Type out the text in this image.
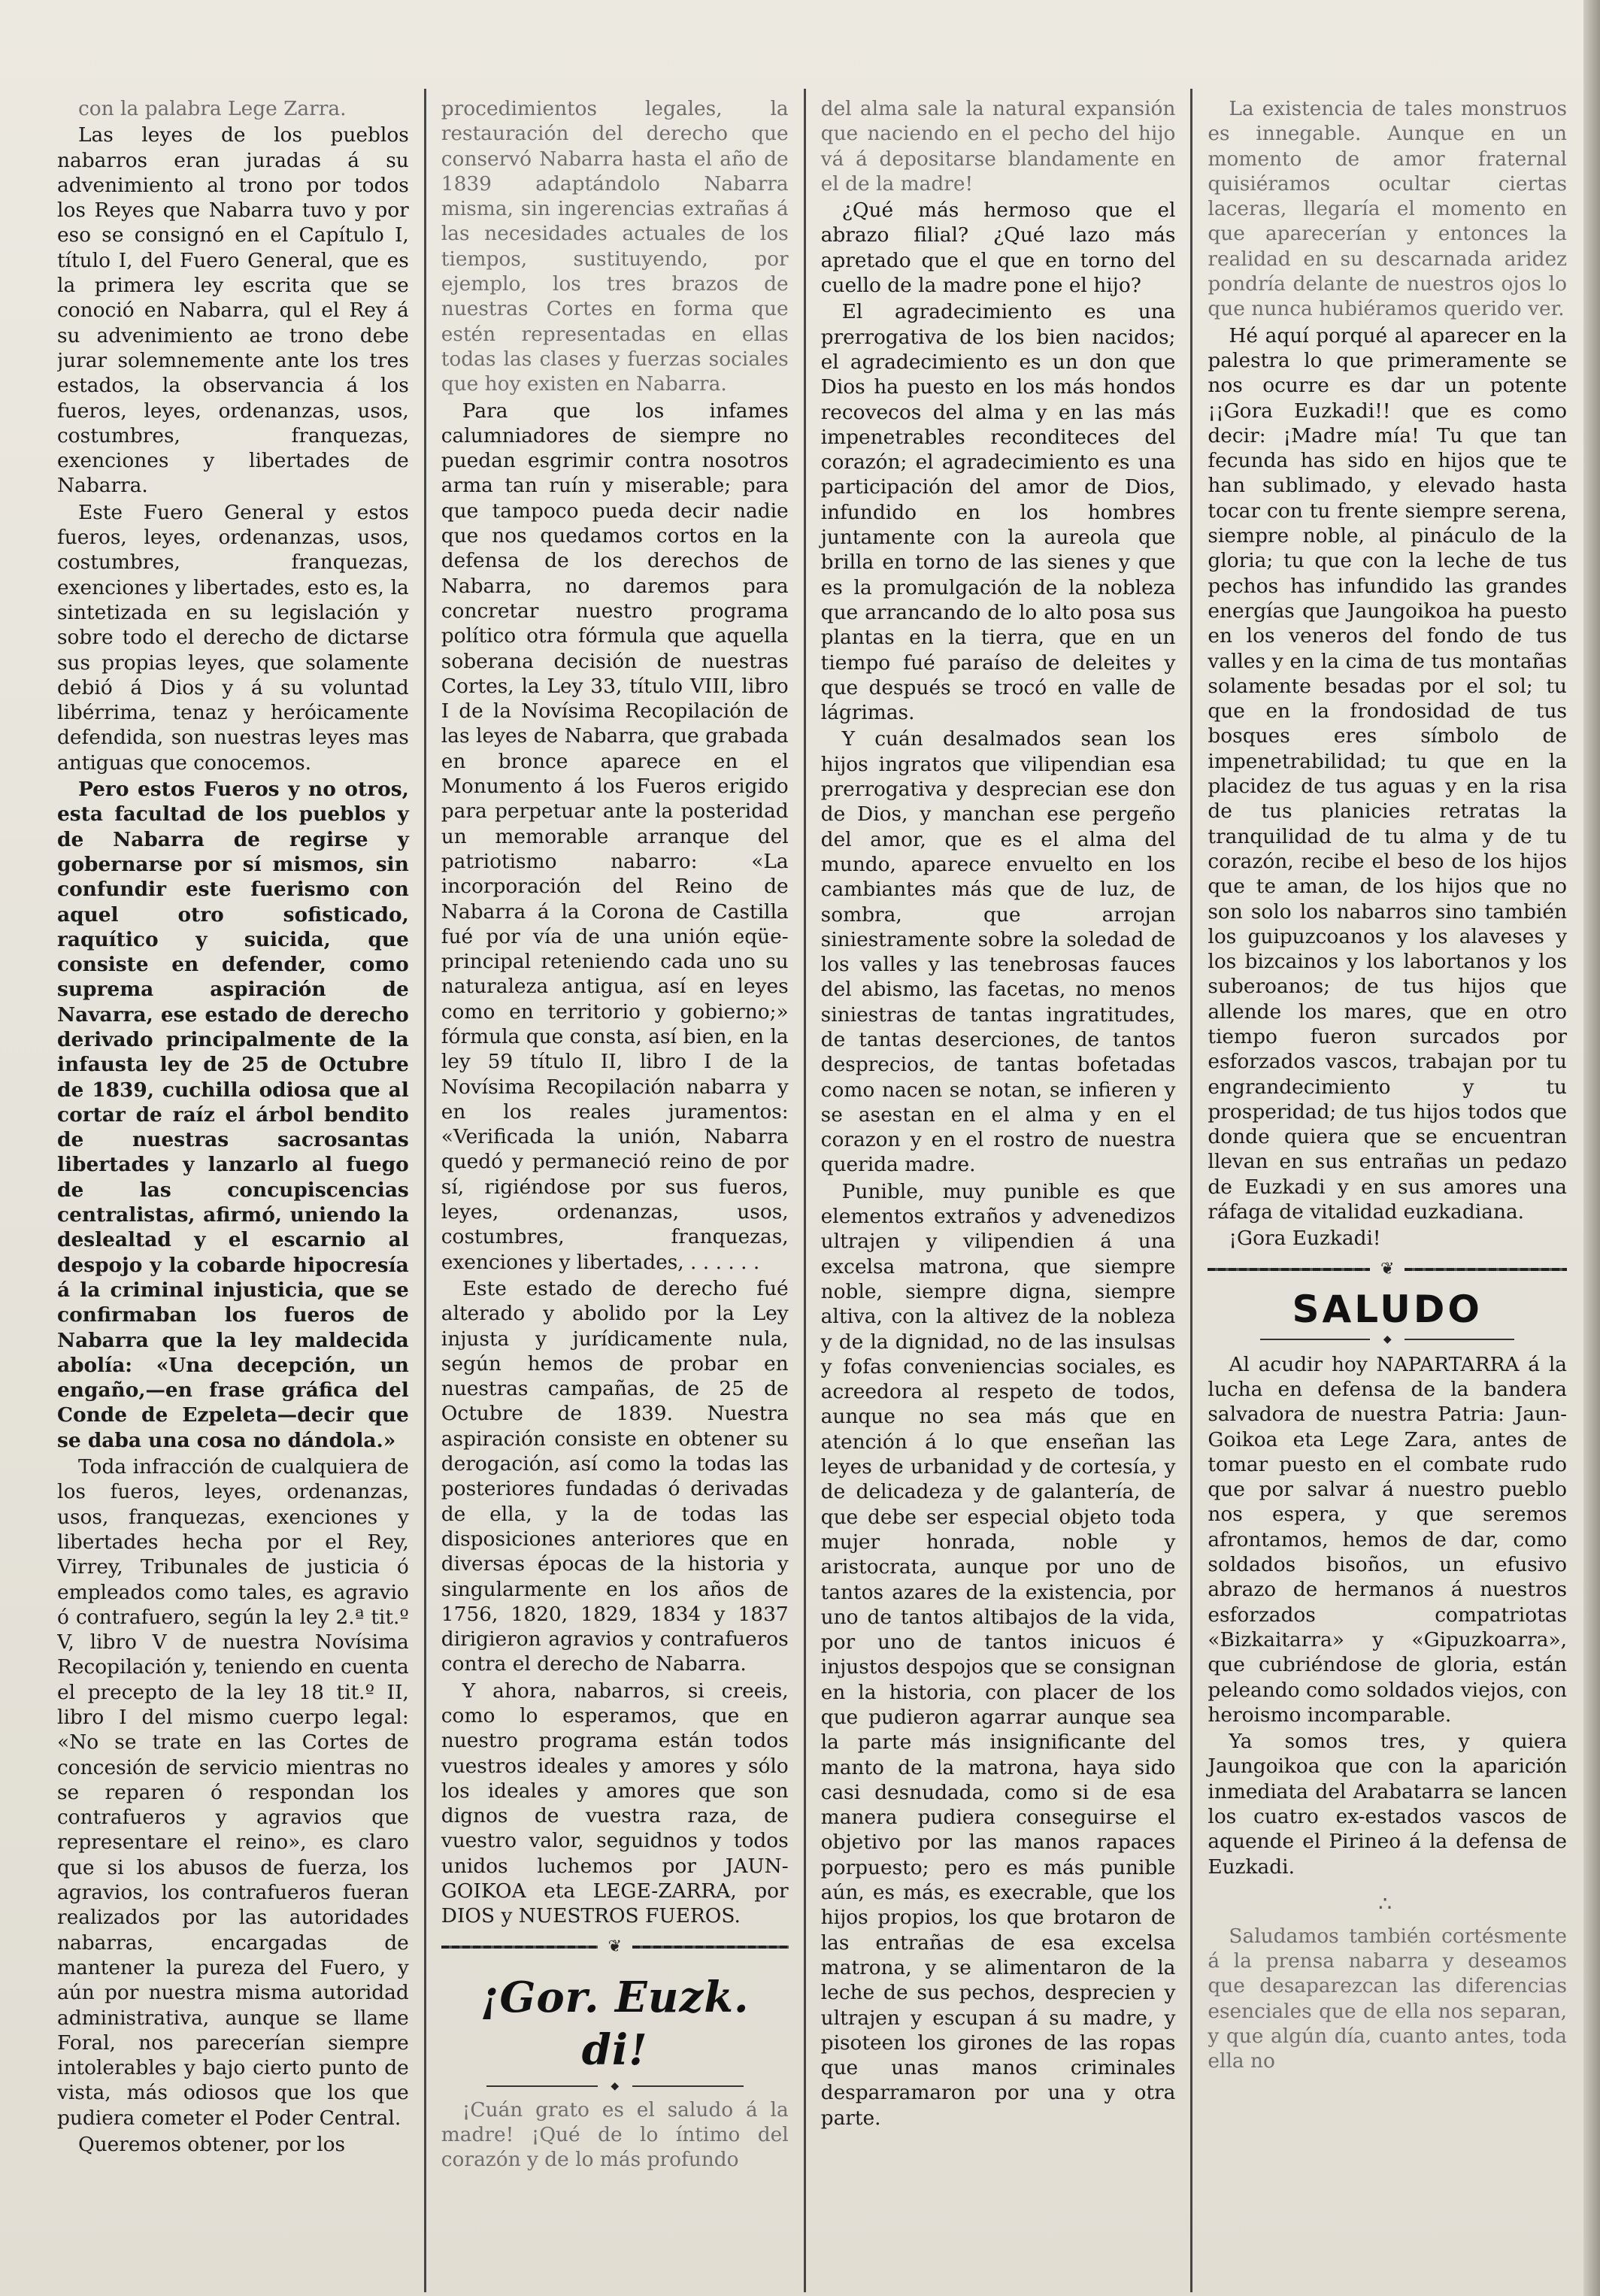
con la palabra Lege Zarra.

Las leyes de los pueblos nabarros eran juradas á su advenimiento al trono por todos los Reyes que Nabarra tuvo y por eso se consignó en el Capítulo I, título I, del Fuero General, que es la primera ley escrita que se conoció en Nabarra, qul el Rey á su advenimiento ae trono debe jurar solemnemente ante los tres estados, la observancia á los fueros, leyes, ordenanzas, usos, costumbres, franquezas, exenciones y libertades de Nabarra.

Este Fuero General y estos fueros, leyes, ordenanzas, usos, costumbres, franquezas, exenciones y libertades, esto es, la sintetizada en su legislación y sobre todo el derecho de dictarse sus propias leyes, que solamente debió á Dios y á su voluntad libérrima, tenaz y heróicamente defendida, son nuestras leyes mas antiguas que conocemos.

Pero estos Fueros y no otros, esta facultad de los pueblos y de Nabarra de regirse y gobernarse por sí mismos, sin confundir este fuerismo con aquel otro sofisticado, raquítico y suicida, que consiste en defender, como suprema aspiración de Navarra, ese estado de derecho derivado principalmente de la infausta ley de 25 de Octubre de 1839, cuchilla odiosa que al cortar de raíz el árbol bendito de nuestras sacrosantas libertades y lanzarlo al fuego de las concupiscencias centralistas, afirmó, uniendo la deslealtad y el escarnio al despojo y la cobarde hipocresía á la criminal injusticia, que se confirmaban los fueros de Nabarra que la ley maldecida abolía: «Una decepción, un engaño,—en frase gráfica del Conde de Ezpeleta—decir que se daba una cosa no dándola.»

Toda infracción de cualquiera de los fueros, leyes, ordenanzas, usos, franquezas, exenciones y libertades hecha por el Rey, Virrey, Tribunales de justicia ó empleados como tales, es agravio ó contrafuero, según la ley 2.ª tit.º V, libro V de nuestra Novísima Recopilación y, teniendo en cuenta el precepto de la ley 18 tit.º II, libro I del mismo cuerpo legal: «No se trate en las Cortes de concesión de servicio mientras no se reparen ó respondan los contrafueros y agravios que representare el reino», es claro que si los abusos de fuerza, los agravios, los contrafueros fueran realizados por las autoridades nabarras, encargadas de mantener la pureza del Fuero, y aún por nuestra misma autoridad administrativa, aunque se llame Foral, nos parecerían siempre intolerables y bajo cierto punto de vista, más odiosos que los que pudiera cometer el Poder Central.

Queremos obtener, por los

procedimientos legales, la restauración del derecho que conservó Nabarra hasta el año de 1839 adaptándolo Nabarra misma, sin ingerencias extrañas á las necesidades actuales de los tiempos, sustituyendo, por ejemplo, los tres brazos de nuestras Cortes en forma que estén representadas en ellas todas las clases y fuerzas sociales que hoy existen en Nabarra.

Para que los infames calumniadores de siempre no puedan esgrimir contra nosotros arma tan ruín y miserable; para que tampoco pueda decir nadie que nos quedamos cortos en la defensa de los derechos de Nabarra, no daremos para concretar nuestro programa político otra fórmula que aquella soberana decisión de nuestras Cortes, la Ley 33, título VIII, libro I de la Novísima Recopilación de las leyes de Nabarra, que grabada en bronce aparece en el Monumento á los Fueros erigido para perpetuar ante la posteridad un memorable arranque del patriotismo nabarro: «La incorporación del Reino de Nabarra á la Corona de Castilla fué por vía de una unión eqüe-principal reteniendo cada uno su naturaleza antigua, así en leyes como en territorio y gobierno;» fórmula que consta, así bien, en la ley 59 título II, libro I de la Novísima Recopilación nabarra y en los reales juramentos: «Verificada la unión, Nabarra quedó y permaneció reino de por sí, rigiéndose por sus fueros, leyes, ordenanzas, usos, costumbres, franquezas, exenciones y libertades, . . . . . .

Este estado de derecho fué alterado y abolido por la Ley injusta y jurídicamente nula, según hemos de probar en nuestras campañas, de 25 de Octubre de 1839. Nuestra aspiración consiste en obtener su derogación, así como la todas las posteriores fundadas ó derivadas de ella, y la de todas las disposiciones anteriores que en diversas épocas de la historia y singularmente en los años de 1756, 1820, 1829, 1834 y 1837 dirigieron agravios y contrafueros contra el derecho de Nabarra.

Y ahora, nabarros, si creeis, como lo esperamos, que en nuestro programa están todos vuestros ideales y amores y sólo los ideales y amores que son dignos de vuestra raza, de vuestro valor, seguidnos y todos unidos luchemos por JAUN-GOIKOA eta LEGE-ZARRA, por DIOS y NUESTROS FUEROS.

❦
¡Gor. Euzk. di!
◆

¡Cuán grato es el saludo á la madre! ¡Qué de lo íntimo del corazón y de lo más profundo

del alma sale la natural expansión que naciendo en el pecho del hijo vá á depositarse blandamente en el de la madre!

¿Qué más hermoso que el abrazo filial? ¿Qué lazo más apretado que el que en torno del cuello de la madre pone el hijo?

El agradecimiento es una prerrogativa de los bien nacidos; el agradecimiento es un don que Dios ha puesto en los más hondos recovecos del alma y en las más impenetrables reconditeces del corazón; el agradecimiento es una participación del amor de Dios, infundido en los hombres juntamente con la aureola que brilla en torno de las sienes y que es la promulgación de la nobleza que arrancando de lo alto posa sus plantas en la tierra, que en un tiempo fué paraíso de deleites y que después se trocó en valle de lágrimas.

Y cuán desalmados sean los hijos ingratos que vilipendian esa prerrogativa y desprecian ese don de Dios, y manchan ese pergeño del amor, que es el alma del mundo, aparece envuelto en los cambiantes más que de luz, de sombra, que arrojan siniestramente sobre la soledad de los valles y las tenebrosas fauces del abismo, las facetas, no menos siniestras de tantas ingratitudes, de tantas deserciones, de tantos desprecios, de tantas bofetadas como nacen se notan, se infieren y se asestan en el alma y en el corazon y en el rostro de nuestra querida madre.

Punible, muy punible es que elementos extraños y advenedizos ultrajen y vilipendien á una excelsa matrona, que siempre noble, siempre digna, siempre altiva, con la altivez de la nobleza y de la dignidad, no de las insulsas y fofas conveniencias sociales, es acreedora al respeto de todos, aunque no sea más que en atención á lo que enseñan las leyes de urbanidad y de cortesía, y de delicadeza y de galantería, de que debe ser especial objeto toda mujer honrada, noble y aristocrata, aunque por uno de tantos azares de la existencia, por uno de tantos altibajos de la vida, por uno de tantos inicuos é injustos despojos que se consignan en la historia, con placer de los que pudieron agarrar aunque sea la parte más insignificante del manto de la matrona, haya sido casi desnudada, como si de esa manera pudiera conseguirse el objetivo por las manos rapaces porpuesto; pero es más punible aún, es más, es execrable, que los hijos propios, los que brotaron de las entrañas de esa excelsa matrona, y se alimentaron de la leche de sus pechos, desprecien y ultrajen y escupan á su madre, y pisoteen los girones de las ropas que unas manos criminales desparramaron por una y otra parte.

La existencia de tales monstruos es innegable. Aunque en un momento de amor fraternal quisiéramos ocultar ciertas laceras, llegaría el momento en que aparecerían y entonces la realidad en su descarnada aridez pondría delante de nuestros ojos lo que nunca hubiéramos querido ver.

Hé aquí porqué al aparecer en la palestra lo que primeramente se nos ocurre es dar un potente ¡¡Gora Euzkadi!! que es como decir: ¡Madre mía! Tu que tan fecunda has sido en hijos que te han sublimado, y elevado hasta tocar con tu frente siempre serena, siempre noble, al pináculo de la gloria; tu que con la leche de tus pechos has infundido las grandes energías que Jaungoikoa ha puesto en los veneros del fondo de tus valles y en la cima de tus montañas solamente besadas por el sol; tu que en la frondosidad de tus bosques eres símbolo de impenetrabilidad; tu que en la placidez de tus aguas y en la risa de tus planicies retratas la tranquilidad de tu alma y de tu corazón, recibe el beso de los hijos que te aman, de los hijos que no son solo los nabarros sino también los guipuzcoanos y los alaveses y los bizcainos y los labortanos y los suberoanos; de tus hijos que allende los mares, que en otro tiempo fueron surcados por esforzados vascos, trabajan por tu engrandecimiento y tu prosperidad; de tus hijos todos que donde quiera que se encuentran llevan en sus entrañas un pedazo de Euzkadi y en sus amores una ráfaga de vitalidad euzkadiana.

¡Gora Euzkadi!

❦
SALUDO
◆

Al acudir hoy NAPARTARRA á la lucha en defensa de la bandera salvadora de nuestra Patria: Jaun-Goikoa eta Lege Zara, antes de tomar puesto en el combate rudo que por salvar á nuestro pueblo nos espera, y que seremos afrontamos, hemos de dar, como soldados bisoños, un efusivo abrazo de hermanos á nuestros esforzados compatriotas «Bizkaitarra» y «Gipuzkoarra», que cubriéndose de gloria, están peleando como soldados viejos, con heroismo incomparable.

Ya somos tres, y quiera Jaungoikoa que con la aparición inmediata del Arabatarra se lancen los cuatro ex-estados vascos de aquende el Pirineo á la defensa de Euzkadi.

∴

Saludamos también cortésmente á la prensa nabarra y deseamos que desaparezcan las diferencias esenciales que de ella nos separan, y que algún día, cuanto antes, toda ella no
